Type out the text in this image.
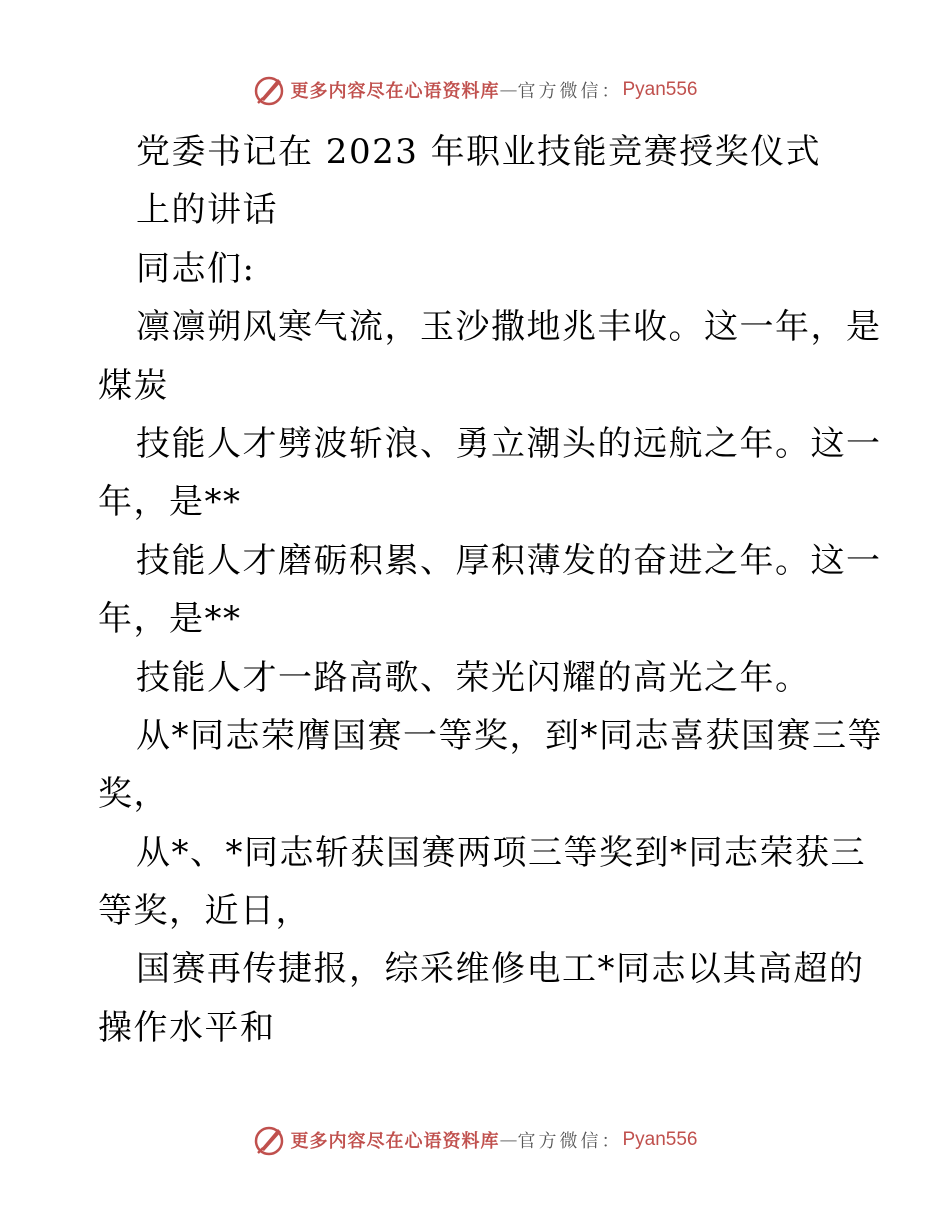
更多内容尽在心语资料库 — 官方微信： Pyan556
党委书记在 2023 年职业技能竞赛授奖仪式
上的讲话
同志们:
凛凛朔风寒气流，玉沙撒地兆丰收。这一年，是
煤炭
技能人才劈波斩浪、勇立潮头的远航之年。这一
年，是**
技能人才磨砺积累、厚积薄发的奋进之年。这一
年，是**
技能人才一路高歌、荣光闪耀的高光之年。
从*同志荣膺国赛一等奖，到*同志喜获国赛三等
奖，
从*、*同志斩获国赛两项三等奖到*同志荣获三
等奖，近日，
国赛再传捷报，综采维修电工*同志以其高超的
操作水平和
更多内容尽在心语资料库 — 官方微信： Pyan556
